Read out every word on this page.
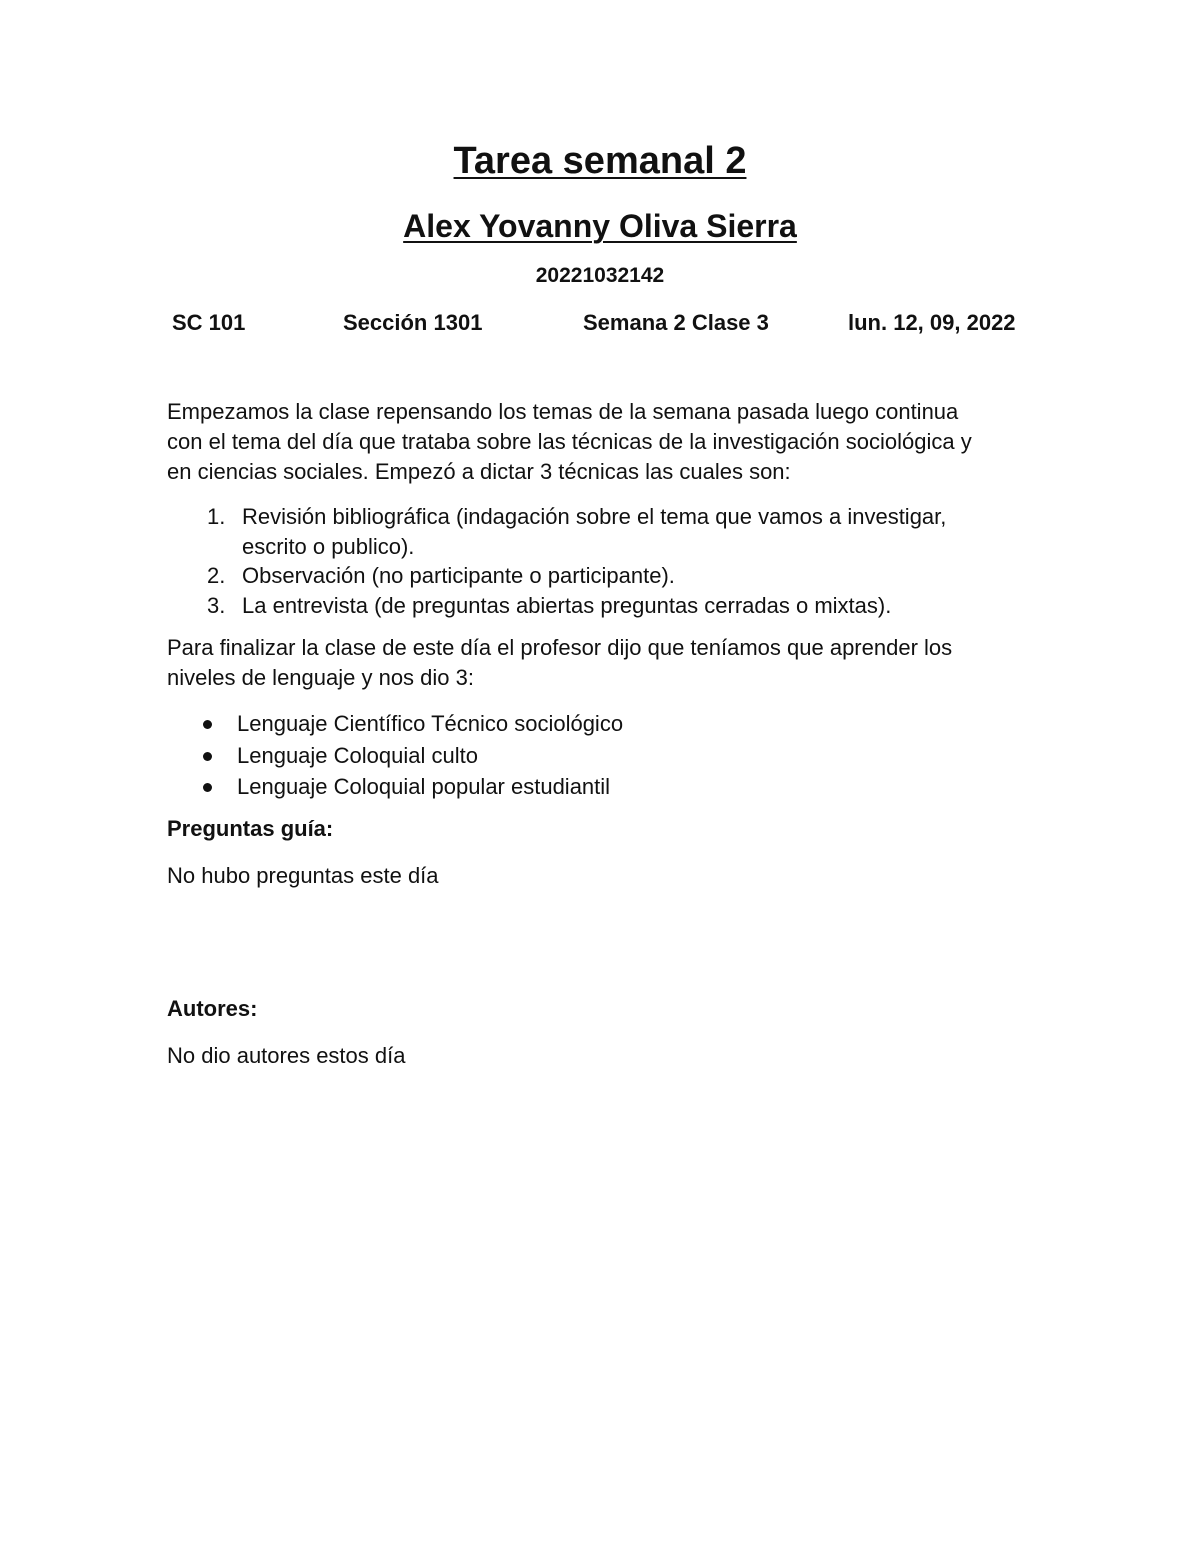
Tarea semanal 2
Alex Yovanny Oliva Sierra
20221032142
SC 101	Sección 1301	Semana 2 Clase 3	lun. 12, 09, 2022
Empezamos la clase repensando los temas de la semana pasada luego continua
con el tema del día que trataba sobre las técnicas de la investigación sociológica y
en ciencias sociales. Empezó a dictar 3 técnicas las cuales son:
1. Revisión bibliográfica (indagación sobre el tema que vamos a investigar,
escrito o publico).
2. Observación (no participante o participante).
3. La entrevista (de preguntas abiertas preguntas cerradas o mixtas).
Para finalizar la clase de este día el profesor dijo que teníamos que aprender los
niveles de lenguaje y nos dio 3:
Lenguaje Científico Técnico sociológico
Lenguaje Coloquial culto
Lenguaje Coloquial popular estudiantil
Preguntas guía:
No hubo preguntas este día
Autores:
No dio autores estos día
